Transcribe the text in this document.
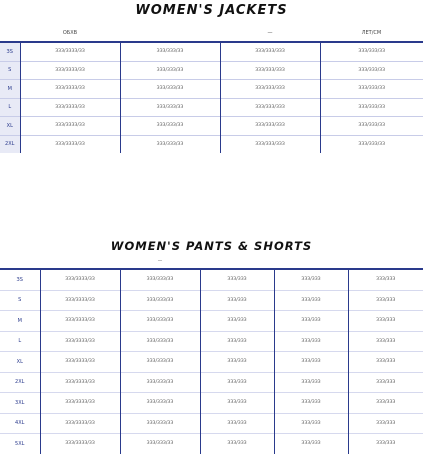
WOMEN'S JACKETS
	ОБХВ		—	ЛЕТ/СМ
ЗS	ЗЗЗ/ЗЗЗЗ/ЗЗ	ЗЗЗ/ЗЗЗ/ЗЗ	ЗЗЗ/ЗЗЗ/ЗЗЗ	ЗЗЗ/ЗЗЗ/ЗЗ
S	ЗЗЗ/ЗЗЗЗ/ЗЗ	ЗЗЗ/ЗЗЗ/ЗЗ	ЗЗЗ/ЗЗЗ/ЗЗЗ	ЗЗЗ/ЗЗЗ/ЗЗ
M	ЗЗЗ/ЗЗЗЗ/ЗЗ	ЗЗЗ/ЗЗЗ/ЗЗ	ЗЗЗ/ЗЗЗ/ЗЗЗ	ЗЗЗ/ЗЗЗ/ЗЗ
L	ЗЗЗ/ЗЗЗЗ/ЗЗ	ЗЗЗ/ЗЗЗ/ЗЗ	ЗЗЗ/ЗЗЗ/ЗЗЗ	ЗЗЗ/ЗЗЗ/ЗЗ
XL	ЗЗЗ/ЗЗЗЗ/ЗЗ	ЗЗЗ/ЗЗЗ/ЗЗ	ЗЗЗ/ЗЗЗ/ЗЗЗ	ЗЗЗ/ЗЗЗ/ЗЗ
2XL	ЗЗЗ/ЗЗЗЗ/ЗЗ	ЗЗЗ/ЗЗЗ/ЗЗ	ЗЗЗ/ЗЗЗ/ЗЗЗ	ЗЗЗ/ЗЗЗ/ЗЗ
WOMEN'S PANTS & SHORTS
		—			
ЗS	ЗЗЗ/ЗЗЗЗ/ЗЗ	ЗЗЗ/ЗЗЗ/ЗЗ	ЗЗЗ/ЗЗЗ	ЗЗЗ/ЗЗЗ	ЗЗЗ/ЗЗЗ
S	ЗЗЗ/ЗЗЗЗ/ЗЗ	ЗЗЗ/ЗЗЗ/ЗЗ	ЗЗЗ/ЗЗЗ	ЗЗЗ/ЗЗЗ	ЗЗЗ/ЗЗЗ
M	ЗЗЗ/ЗЗЗЗ/ЗЗ	ЗЗЗ/ЗЗЗ/ЗЗ	ЗЗЗ/ЗЗЗ	ЗЗЗ/ЗЗЗ	ЗЗЗ/ЗЗЗ
L	ЗЗЗ/ЗЗЗЗ/ЗЗ	ЗЗЗ/ЗЗЗ/ЗЗ	ЗЗЗ/ЗЗЗ	ЗЗЗ/ЗЗЗ	ЗЗЗ/ЗЗЗ
XL	ЗЗЗ/ЗЗЗЗ/ЗЗ	ЗЗЗ/ЗЗЗ/ЗЗ	ЗЗЗ/ЗЗЗ	ЗЗЗ/ЗЗЗ	ЗЗЗ/ЗЗЗ
2XL	ЗЗЗ/ЗЗЗЗ/ЗЗ	ЗЗЗ/ЗЗЗ/ЗЗ	ЗЗЗ/ЗЗЗ	ЗЗЗ/ЗЗЗ	ЗЗЗ/ЗЗЗ
3XL	ЗЗЗ/ЗЗЗЗ/ЗЗ	ЗЗЗ/ЗЗЗ/ЗЗ	ЗЗЗ/ЗЗЗ	ЗЗЗ/ЗЗЗ	ЗЗЗ/ЗЗЗ
4XL	ЗЗЗ/ЗЗЗЗ/ЗЗ	ЗЗЗ/ЗЗЗ/ЗЗ	ЗЗЗ/ЗЗЗ	ЗЗЗ/ЗЗЗ	ЗЗЗ/ЗЗЗ
5XL	ЗЗЗ/ЗЗЗЗ/ЗЗ	ЗЗЗ/ЗЗЗ/ЗЗ	ЗЗЗ/ЗЗЗ	ЗЗЗ/ЗЗЗ	ЗЗЗ/ЗЗЗ
